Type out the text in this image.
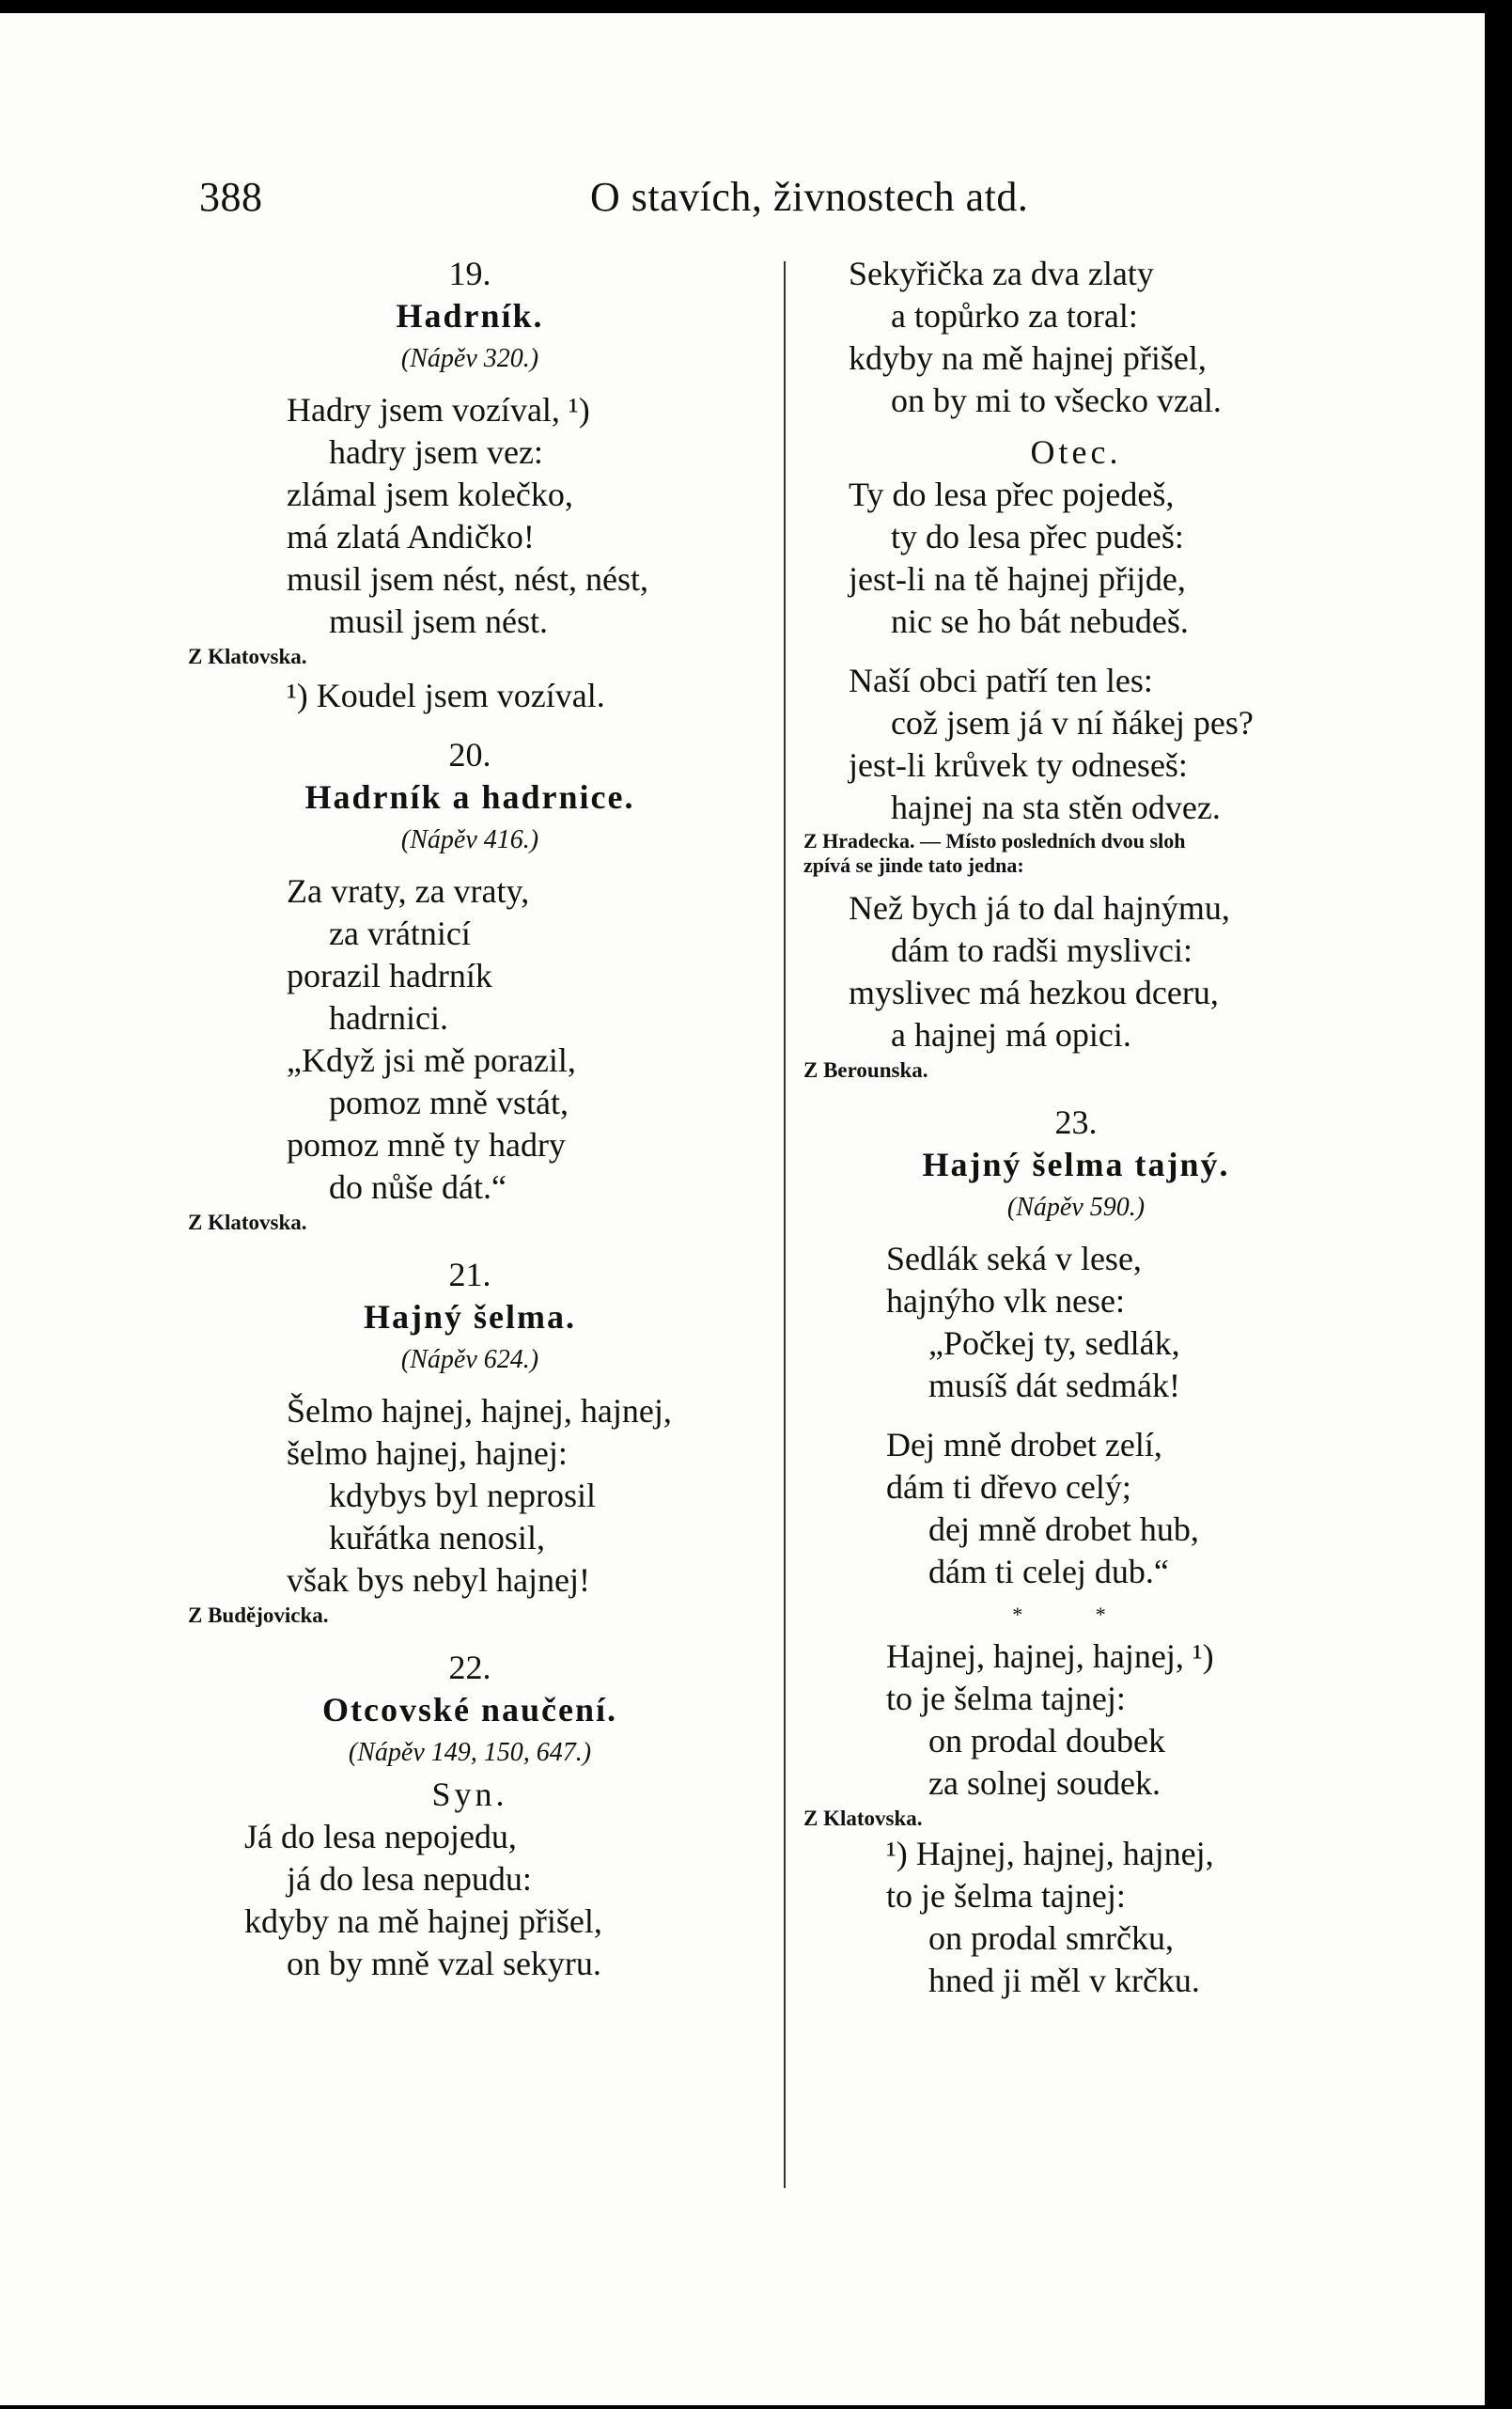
388	O stavích, živnostech atd.
19.
Hadrník.
(Nápěv 320.)
Hadry jsem vozíval, ¹)
hadry jsem vez:
zlámal jsem kolečko,
má zlatá Andičko!
musil jsem nést, nést, nést,
musil jsem nést.
Z Klatovska.
¹) Koudel jsem vozíval.
20.
Hadrník a hadrnice.
(Nápěv 416.)
Za vraty, za vraty,
za vrátnicí
porazil hadrník
hadrnici.
„Když jsi mě porazil,
pomoz mně vstát,
pomoz mně ty hadry
do nůše dát.“
Z Klatovska.
21.
Hajný šelma.
(Nápěv 624.)
Šelmo hajnej, hajnej, hajnej,
šelmo hajnej, hajnej:
kdybys byl neprosil
kuřátka nenosil,
však bys nebyl hajnej!
Z Budějovicka.
22.
Otcovské naučení.
(Nápěv 149, 150, 647.)
Syn.
Já do lesa nepojedu,
já do lesa nepudu:
kdyby na mě hajnej přišel,
on by mně vzal sekyru.
Sekyřička za dva zlaty
a topůrko za toral:
kdyby na mě hajnej přišel,
on by mi to všecko vzal.
Otec.
Ty do lesa přec pojedeš,
ty do lesa přec pudeš:
jest-li na tě hajnej přijde,
nic se ho bát nebudeš.
Naší obci patří ten les:
což jsem já v ní ňákej pes?
jest-li krůvek ty odneseš:
hajnej na sta stěn odvez.
Z Hradecka. — Místo posledních dvou sloh
zpívá se jinde tato jedna:
Než bych já to dal hajnýmu,
dám to radši myslivci:
myslivec má hezkou dceru,
a hajnej má opici.
Z Berounska.
23.
Hajný šelma tajný.
(Nápěv 590.)
Sedlák seká v lese,
hajnýho vlk nese:
„Počkej ty, sedlák,
musíš dát sedmák!
Dej mně drobet zelí,
dám ti dřevo celý;
dej mně drobet hub,
dám ti celej dub.“
* *
Hajnej, hajnej, hajnej, ¹)
to je šelma tajnej:
on prodal doubek
za solnej soudek.
Z Klatovska.
¹) Hajnej, hajnej, hajnej,
to je šelma tajnej:
on prodal smrčku,
hned ji měl v krčku.
